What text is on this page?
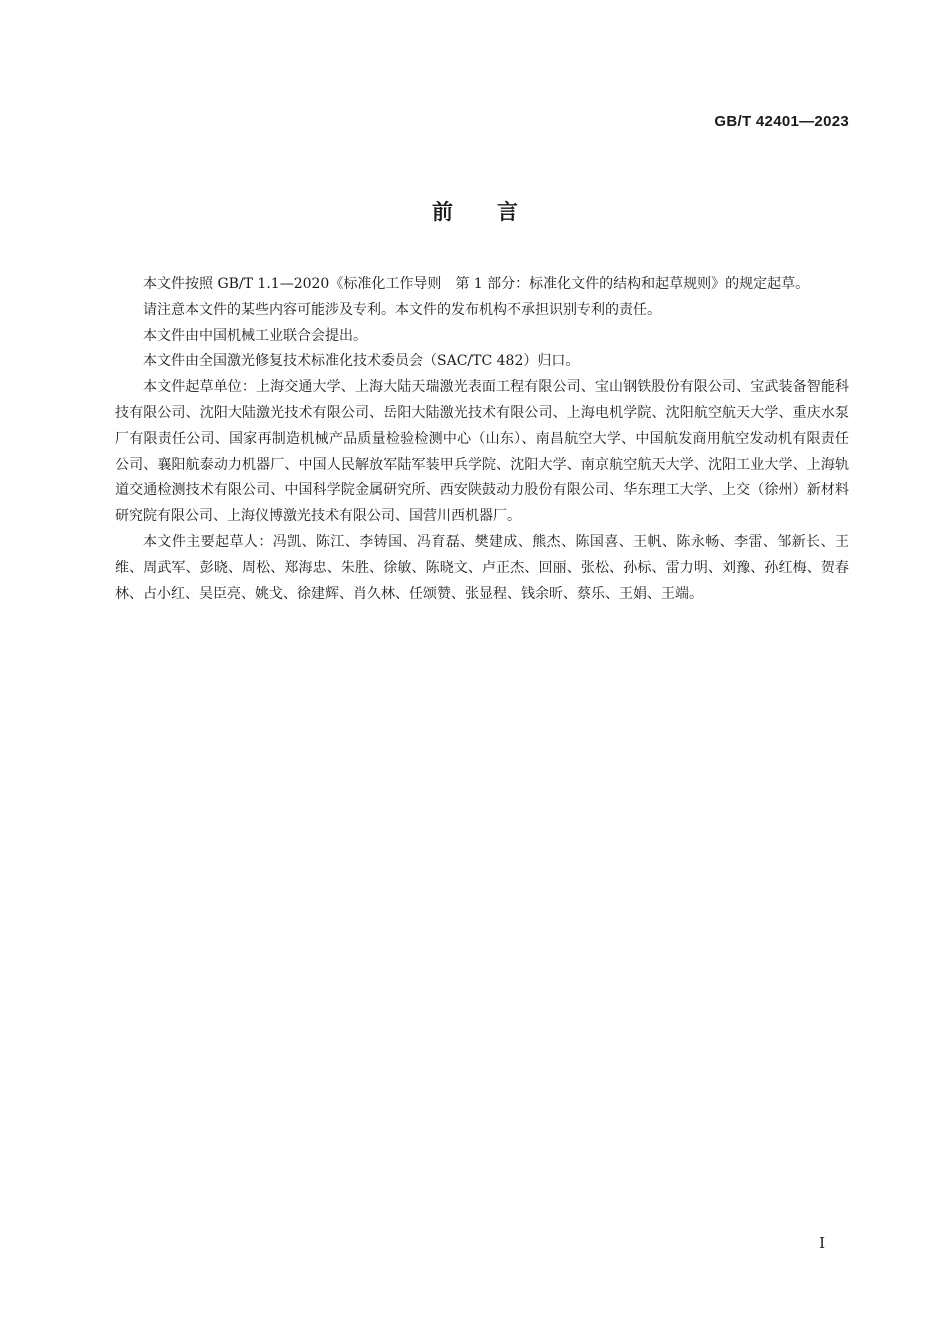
GB/T 42401—2023
前言

本文件按照 GB/T 1.1—2020《标准化工作导则　第 1 部分：标准化文件的结构和起草规则》的规定起草。

请注意本文件的某些内容可能涉及专利。本文件的发布机构不承担识别专利的责任。

本文件由中国机械工业联合会提出。

本文件由全国激光修复技术标准化技术委员会（SAC/TC 482）归口。

本文件起草单位：上海交通大学、上海大陆天瑞激光表面工程有限公司、宝山钢铁股份有限公司、宝武装备智能科技有限公司、沈阳大陆激光技术有限公司、岳阳大陆激光技术有限公司、上海电机学院、沈阳航空航天大学、重庆水泵厂有限责任公司、国家再制造机械产品质量检验检测中心（山东）、南昌航空大学、中国航发商用航空发动机有限责任公司、襄阳航泰动力机器厂、中国人民解放军陆军装甲兵学院、沈阳大学、南京航空航天大学、沈阳工业大学、上海轨道交通检测技术有限公司、中国科学院金属研究所、西安陕鼓动力股份有限公司、华东理工大学、上交（徐州）新材料研究院有限公司、上海仪博激光技术有限公司、国营川西机器厂。

本文件主要起草人：冯凯、陈江、李铸国、冯育磊、樊建成、熊杰、陈国喜、王帆、陈永畅、李雷、邹新长、王维、周武军、彭晓、周松、郑海忠、朱胜、徐敏、陈晓文、卢正杰、回丽、张松、孙标、雷力明、刘豫、孙红梅、贺春林、占小红、吴臣亮、姚戈、徐建辉、肖久林、任颂赞、张显程、钱余昕、蔡乐、王娟、王端。

I
